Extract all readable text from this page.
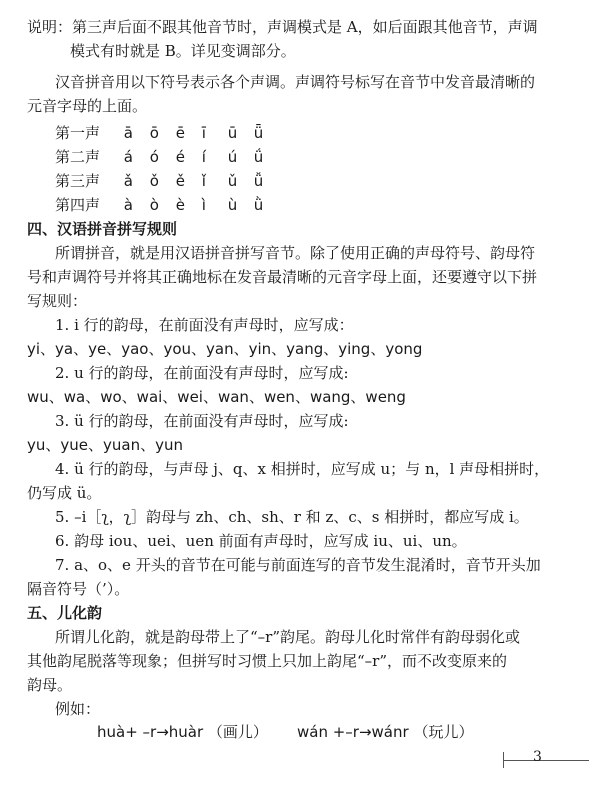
说明：第三声后面不跟其他音节时，声调模式是 A，如后面跟其他音节，声调
模式有时就是 B。详见变调部分。
汉音拼音用以下符号表示各个声调。声调符号标写在音节中发音最清晰的
元音字母的上面。
第一声 ā ō ē ī ū ǖ
第二声 á ó é í ú ǘ
第三声 ǎ ǒ ě ǐ ǔ ǚ
第四声 à ò è ì ù ǜ
四、汉语拼音拼写规则
所谓拼音，就是用汉语拼音拼写音节。除了使用正确的声母符号、韵母符
号和声调符号并将其正确地标在发音最清晰的元音字母上面，还要遵守以下拼
写规则：
1. i 行的韵母，在前面没有声母时，应写成：
yi、ya、ye、yao、you、yan、yin、yang、ying、yong
2. u 行的韵母，在前面没有声母时，应写成:
wu、wa、wo、wai、wei、wan、wen、wang、weng
3. ü 行的韵母，在前面没有声母时，应写成:
yu、yue、yuan、yun
4. ü 行的韵母，与声母 j、q、x 相拼时，应写成 u；与 n，l 声母相拼时，
仍写成 ü。
5. –i［ʅ，ʅ］韵母与 zh、ch、sh、r 和 z、c、s 相拼时，都应写成 i。
6. 韵母 iou、uei、uen 前面有声母时，应写成 iu、ui、un。
7. a、o、e 开头的音节在可能与前面连写的音节发生混淆时，音节开头加
隔音符号（’）。
五、儿化韵
所谓儿化韵，就是韵母带上了“–r”韵尾。韵母儿化时常伴有韵母弱化或
其他韵尾脱落等现象；但拼写时习惯上只加上韵尾“–r”，而不改变原来的
韵母。
例如：
huà+ –r→huàr （画儿） wán +–r→wánr （玩儿）
3
